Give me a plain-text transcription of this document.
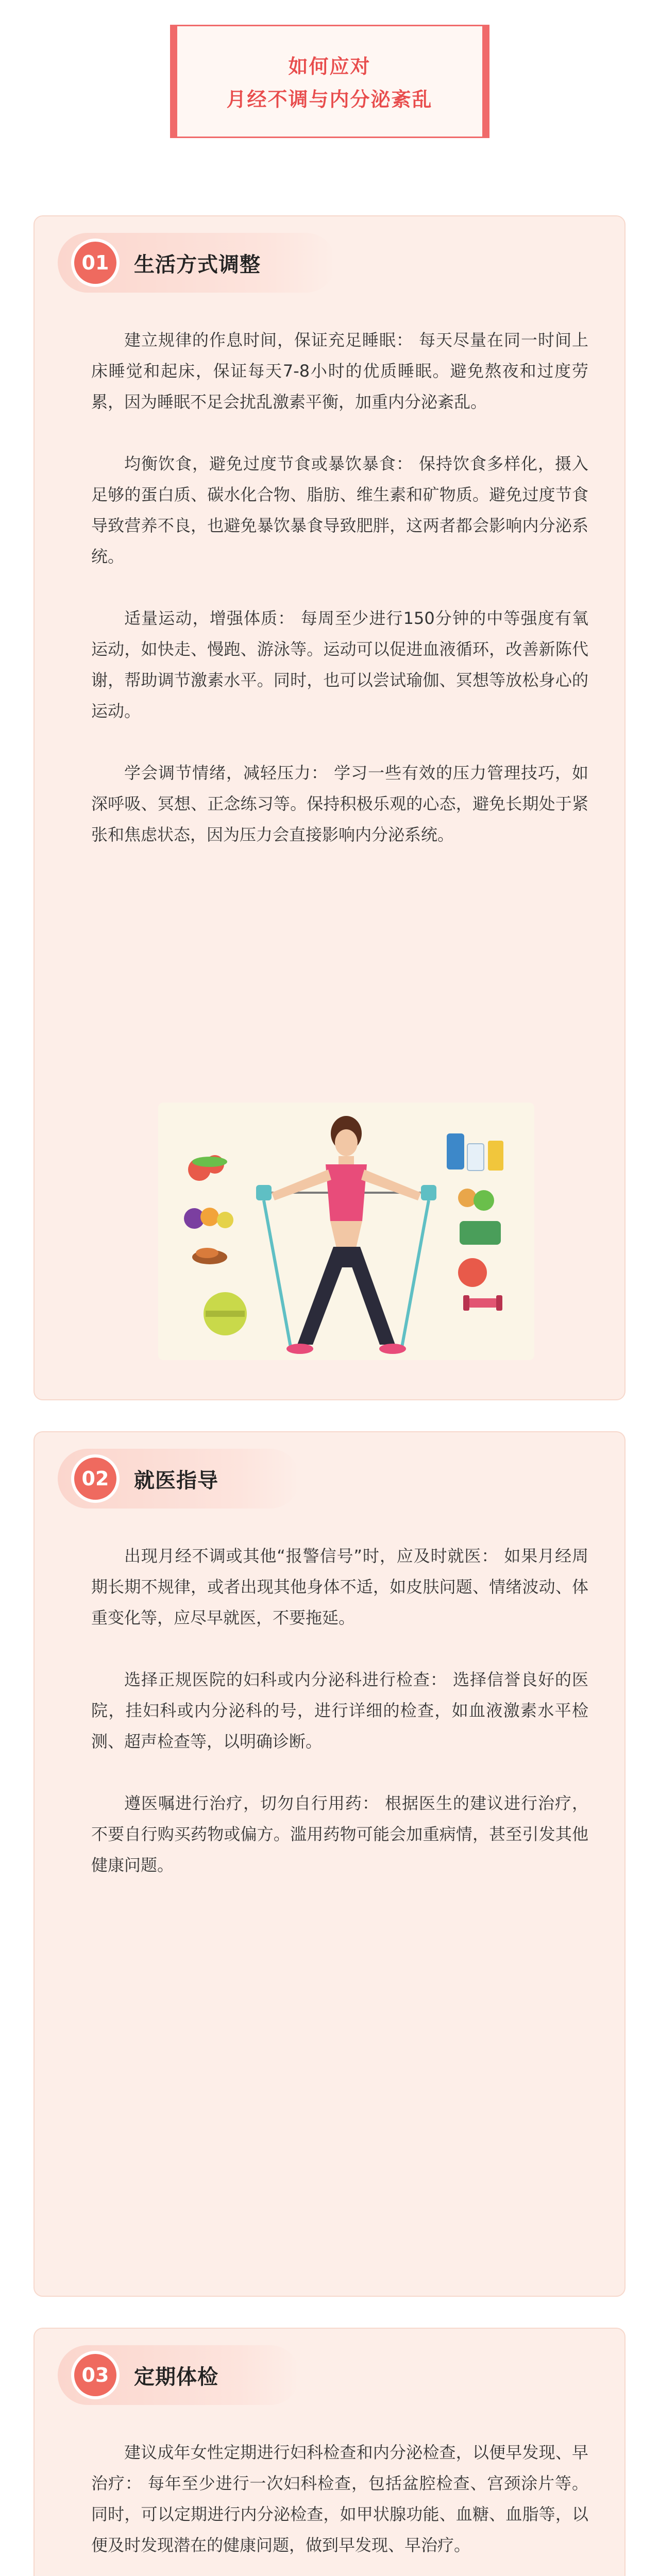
如何应对
月经不调与内分泌紊乱
01	生活方式调整

建立规律的作息时间，保证充足睡眠： 每天尽量在同一时间上床睡觉和起床，保证每天7-8小时的优质睡眠。避免熬夜和过度劳累，因为睡眠不足会扰乱激素平衡，加重内分泌紊乱。

均衡饮食，避免过度节食或暴饮暴食： 保持饮食多样化，摄入足够的蛋白质、碳水化合物、脂肪、维生素和矿物质。避免过度节食导致营养不良，也避免暴饮暴食导致肥胖，这两者都会影响内分泌系统。

适量运动，增强体质： 每周至少进行150分钟的中等强度有氧运动，如快走、慢跑、游泳等。运动可以促进血液循环，改善新陈代谢，帮助调节激素水平。同时，也可以尝试瑜伽、冥想等放松身心的运动。

学会调节情绪，减轻压力： 学习一些有效的压力管理技巧，如深呼吸、冥想、正念练习等。保持积极乐观的心态，避免长期处于紧张和焦虑状态，因为压力会直接影响内分泌系统。

02	就医指导

出现月经不调或其他“报警信号”时，应及时就医： 如果月经周期长期不规律，或者出现其他身体不适，如皮肤问题、情绪波动、体重变化等，应尽早就医，不要拖延。

选择正规医院的妇科或内分泌科进行检查： 选择信誉良好的医院，挂妇科或内分泌科的号，进行详细的检查，如血液激素水平检测、超声检查等，以明确诊断。

遵医嘱进行治疗，切勿自行用药： 根据医生的建议进行治疗，不要自行购买药物或偏方。滥用药物可能会加重病情，甚至引发其他健康问题。

03	定期体检

建议成年女性定期进行妇科检查和内分泌检查，以便早发现、早治疗： 每年至少进行一次妇科检查，包括盆腔检查、宫颈涂片等。同时，可以定期进行内分泌检查，如甲状腺功能、血糖、血脂等，以便及时发现潜在的健康问题，做到早发现、早治疗。
